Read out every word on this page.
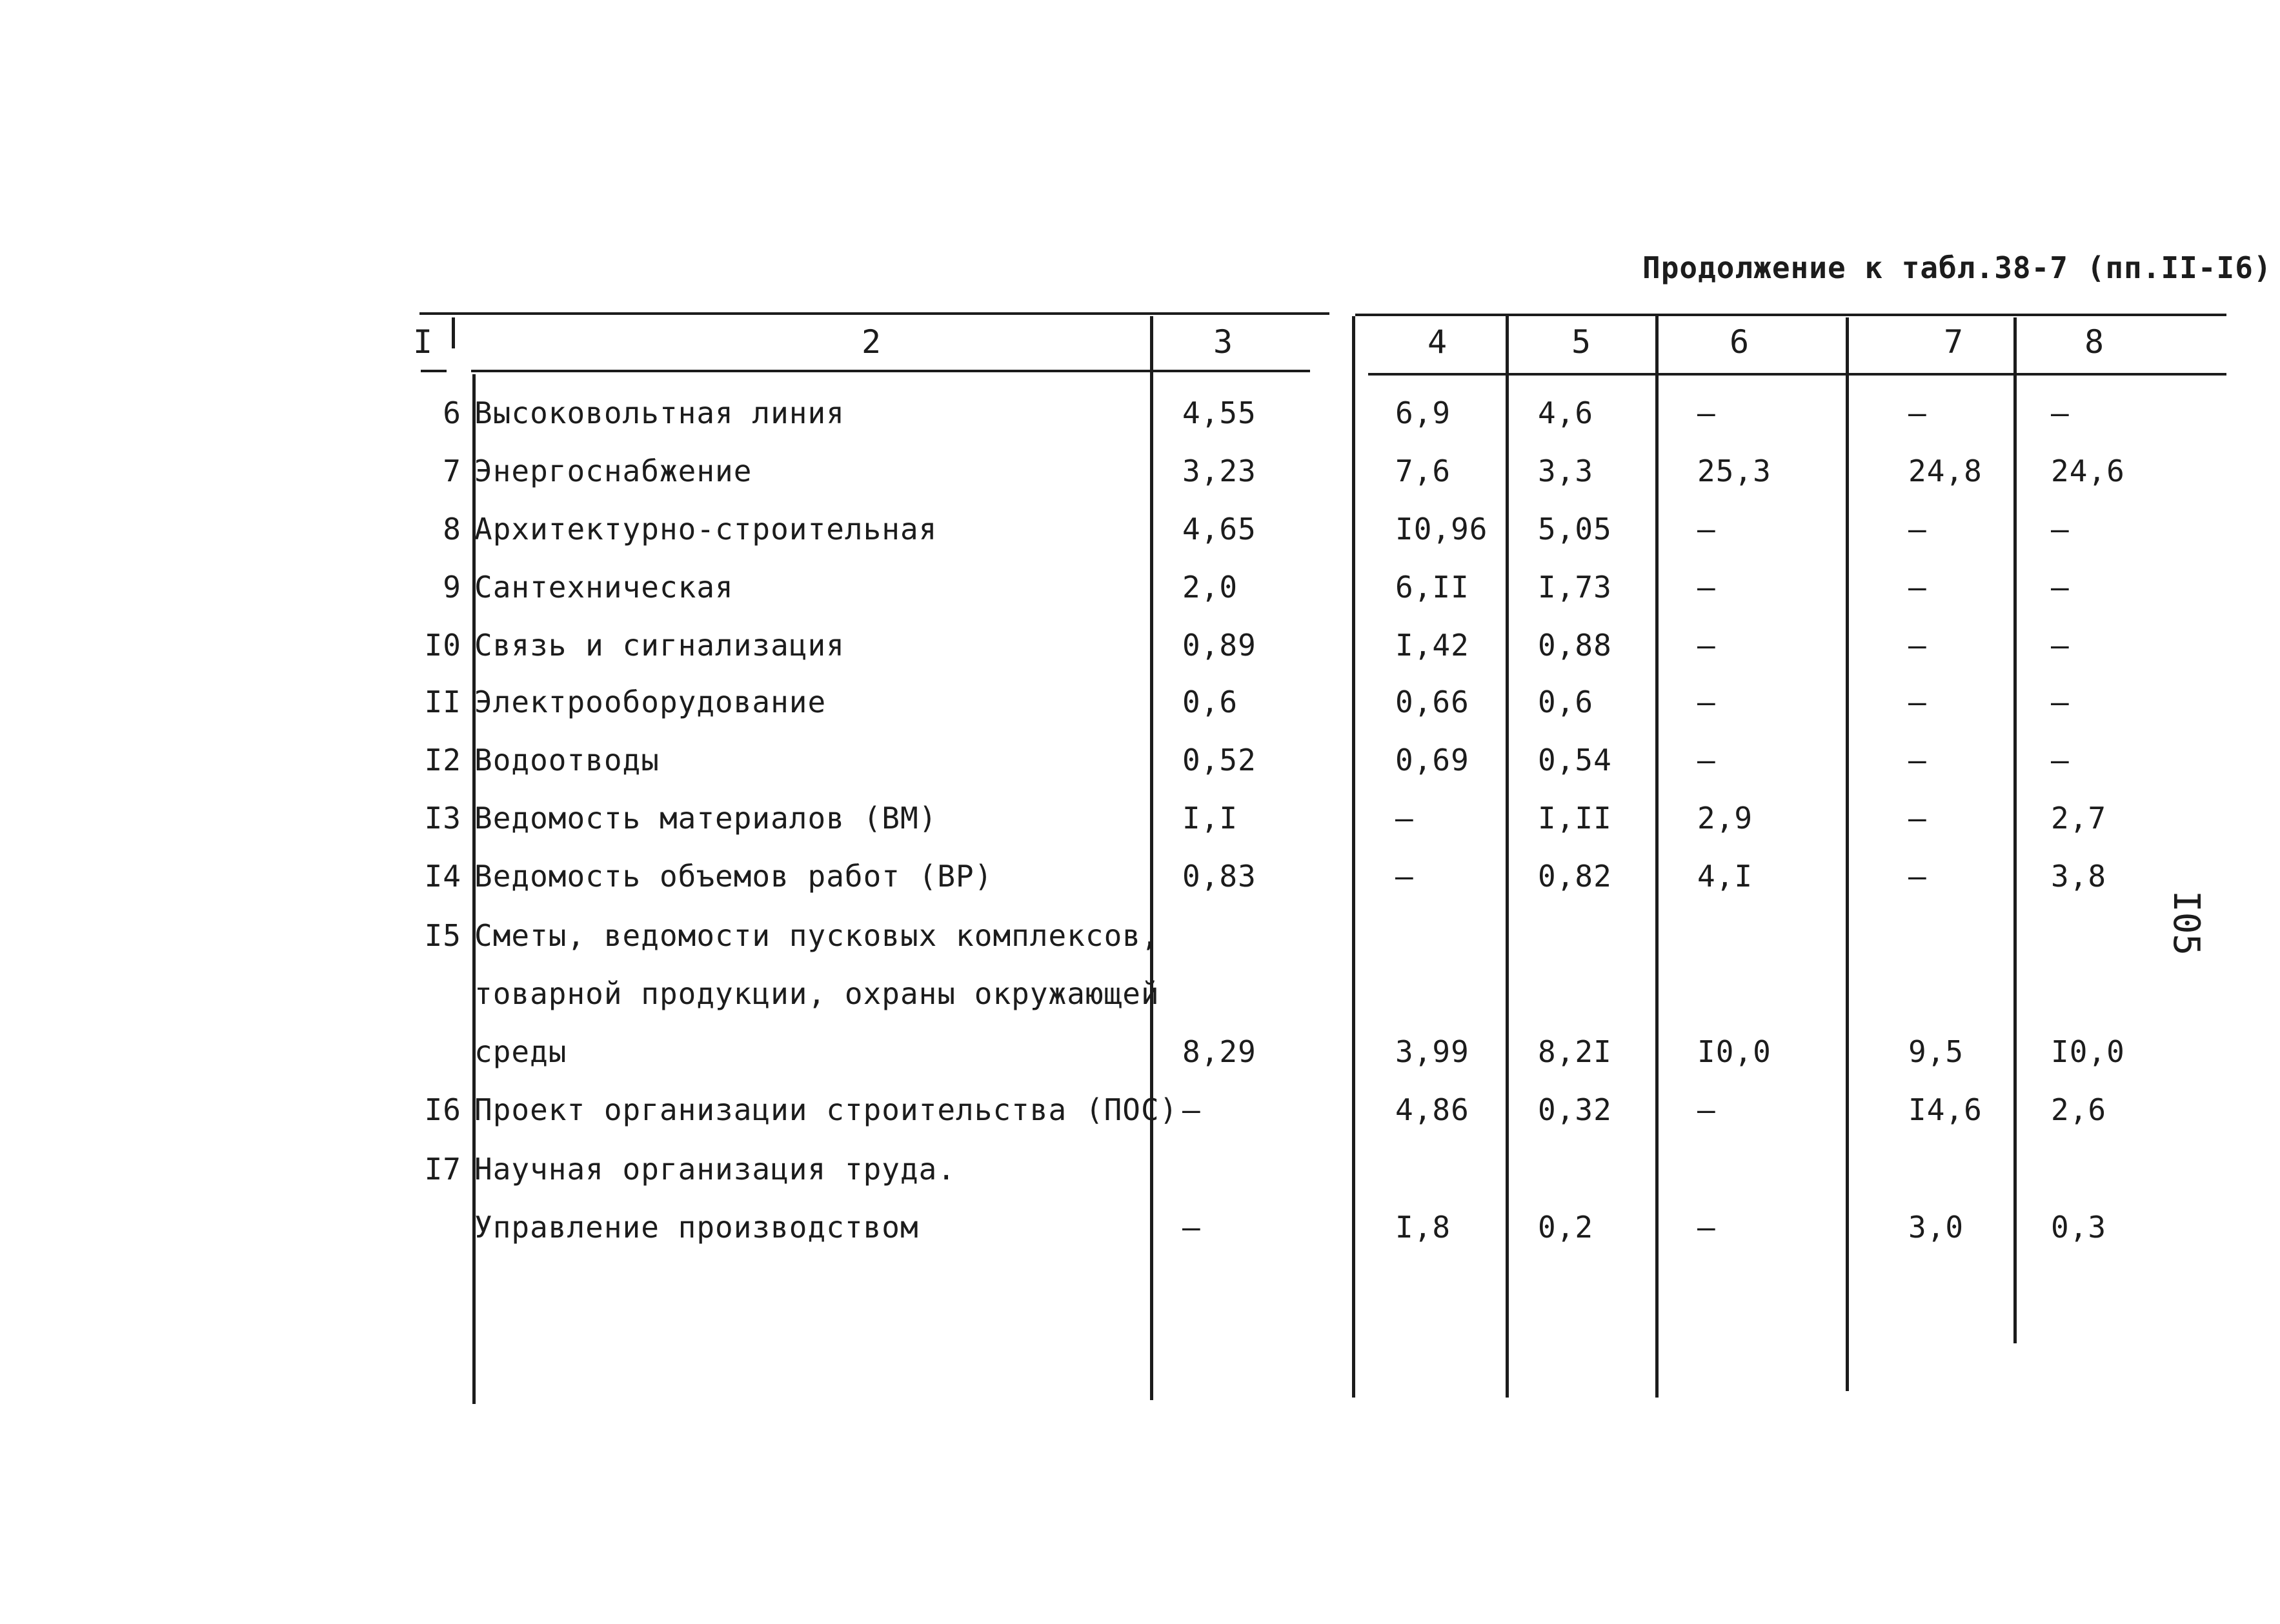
Продолжение к табл.38-7 (пп.II-I6)
I05
I	2	3	4	5	6	7	8
6 Высоковольтная линия	4,55	6,9	4,6	–	–	–
7 Энергоснабжение	3,23	7,6	3,3	25,3	24,8 24,6
8 Архитектурно-строительная	4,65	I0,96 5,05	–	–	–
9 Сантехническая	2,0	6,II I,73	–	–	–
I0 Связь и сигнализация	0,89	I,42 0,88	–	–	–
II Электрооборудование	0,6	0,66 0,6	–	–	–
I2 Водоотводы	0,52	0,69 0,54	–	–	–
I3 Ведомость материалов (ВМ)	I,I	–	I,II	2,9	–	2,7
I4 Ведомость объемов работ (ВР)	0,83	–	0,82	4,I	–	3,8
I5 Сметы, ведомости пусковых комплексов,
товарной продукции, охраны окружающей
среды	8,29	3,99 8,2I	I0,0	9,5	I0,0
I6 Проект организации строительства (ПОС) –	4,86 0,32	–	I4,6 2,6
I7 Научная организация труда.
Управление производством	–	I,8	0,2	–	3,0	0,3
